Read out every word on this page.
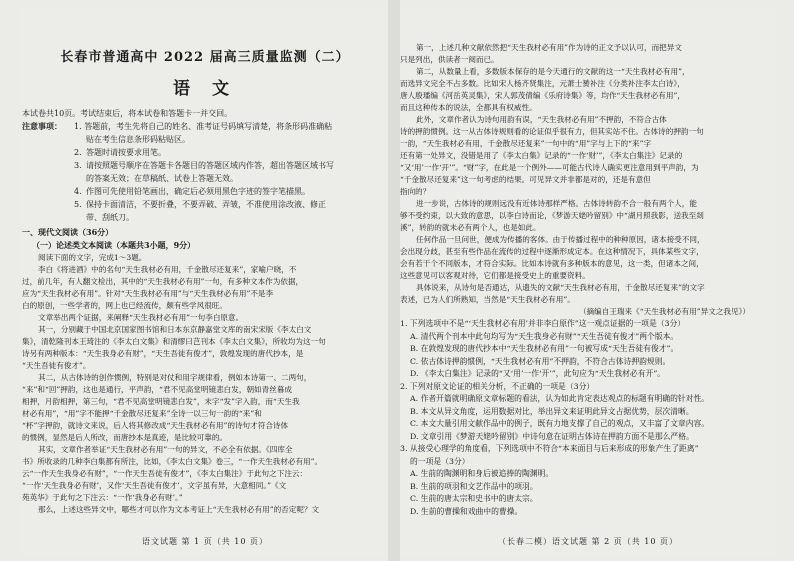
长春市普通高中 2022 届高三质量监测（二）
语 文
本试卷共10页。考试结束后，将本试卷和答题卡一并交回。
注意事项：	1. 答题前，考生先将自己的姓名、准考证号码填写清楚，将条形码准确粘
贴在考生信息条形码粘贴区。
2. 答题时请按要求用笔。
3. 请按照题号顺序在答题卡各题目的答题区域内作答，超出答题区域书写
的答案无效；在草稿纸、试卷上答题无效。
4. 作图可先使用铅笔画出，确定后必须用黑色字迹的签字笔描黑。
5. 保持卡面清洁，不要折叠，不要弄破、弄皱，不准使用涂改液、修正
带、刮纸刀。
一、现代文阅读（36分）
（一）论述类文本阅读（本题共3小题，9分）

阅读下面的文字，完成1～3题。

李白《将进酒》中的名句“天生我材必有用，千金散尽还复来”，家喻户晓，不

过，前几年，有人翻文检出，其中的“天生我材必有用”一句，有多种文本作为依据，

应为“天生我材必有用”。针对“天生我材必有用”与“天生我材必有用”不是李

白的原创，一些学者的，网上也已经流传，颇有些学风很旺。

文章举出两个证据，来阐释“天生我材必有用”一句李白原意。

其一，分别藏于中国北京国家图书馆和日本东京静嘉堂文库的南宋宋版《李太白文

集》，清乾隆刊本王琦注的《李太白文集》和清缪曰芑刊本《李太白文集》，所收均为这一句

诗另有两种版本：“天生我身必有财”，“天生吾徒有俊才”，敦煌发现的唐代抄本，是

“天生吾徒有俊才”。

其二，从古体诗的创作惯例，特别是对仗和用字规律看，例如本诗第一、二两句，

“来”和“回”押韵，这也是通行，平声韵，“君不见高堂明镜悲白发，朝如青丝暮成

相押，月韵相押，第三句，“君不见高堂明镜悲白发”，末字“发”字入韵，而“天生我

材必有用”，“用”字不能押“千金散尽还复来”全诗一以三句一韵的“来”和

“杯”字押韵，就诗文来说，后人将其修改成“天生我材必有用”的诗句才符合诗体

的惯例，显然是后人所改，而唐抄本是真迹，是比较可靠的。

其实，文章作者举证“天生我材必有用”一句的异文，不必全有依据。《四库全

书》所收录的几种李白集都有所注，比如，《李太白文集》卷三，“一作天生我材必有用”。

云“一作天生我身必有财”，“一作天生吾徒有俊才”，《李太白集注》于此句之下注云：

“一作‘天生我身必有财’，又作‘天生吾徒有俊才’，文字虽有异，大意相同。”《文

苑英华》于此句之下注云：“一作‘我身必有财’。”

那么，上述这些异文中，哪些才可以作为文本考证上“天生我材必有用”的否定呢？文

语文试题 第 1 页（共 10 页）

第一，上述几种文献依然把“天生我材必有用”作为诗的正文予以认可，而把异文

只是列出，供读者一阅而已。

第二，从数量上看，多数版本保存的是今天通行的文献的这一“天生我材必有用”，

而选异文完全不占多数。比如宋人杨齐贤集注，元萧士赟补注《分类补注李太白诗》，

唐人殷璠编《河岳英灵集》，宋人郭茂倩编《乐府诗集》等，均作“天生我材必有用”，

而且这种传本的说法，全都具有权威性。

此外，文章作者认为诗句用韵有误，“天生我材必有用”不押韵，不符合古体

诗的押韵惯例。这一从古体诗规则看的论证似乎很有力，但其实站不住。古体诗的押韵一句

一韵，“天生我材必有用，千金散尽还复来”一句中的“用”字与上下的“来”字

还有第一处异文，没错是用了《李太白集》记录的“一作‘财’”，《李太白集注》记录的

“又‘用’一作‘开’”。“财”字，在此是一个例外——可能古代诗人确实更注意用到平声韵，为

“千金散尽还复来”这一句考虑的结果。可见异文并非都是对的，还是有意但

指向的？

进一步说，古体诗的规则远没有近体诗那样严格。古体诗转韵不合一般有两个人，能

够不受约束，以大致的意思，以李白诗而论，《梦游天姥吟留别》中“湖月照我影，送我至剡

溪”，转韵的就未必有两个人，也是如此。

任何作品一旦问世，便成为传播的客体。由于传播过程中的种种原因，诸本接受不同，

会出现分歧，甚至有些作品在流传的过程中逐渐形成定本。在这种情况下，具体某些文字，

会有若干个不同版本，才符合实际。比如本诗就有多种版本的意见，这一类，但诸本之间，

这些意见可以客观对待，它们都是接受史上的重要资料。

具体说来，从诗句是否通达，从遗失的文献“天生我材必有用，千金散尽还复来”的文字

表述，已为人们所熟知，当然是“天生我材必有用”。

（摘编自王瑞来《“天生我材必有用”异文之我见》）
1. 下列选项中不是“‘天生我材必有用’并非李白原作”这一观点证据的一项是（3分）
A. 清代两个刊本中此句均写为“天生我身必有财”“天生吾徒有俊才”两个版本。
B. 在敦煌发现的唐代抄本中“天生我材必有用”一句被写成“天生吾徒有俊才”。
C. 依古体诗押韵惯例，“天生我材必有用”不押韵，不符合古体诗押韵规则。
D. 《李太白集注》记录的“又‘用’一作‘开’”，此句应为“天生我材必有开”。
2. 下列对原文论证的相关分析，不正确的一项是（3分）
A. 作者开篇就明确原文章标题的看法，认为如此肯定表达观点的标题有明确的针对性。
B. 本文从异文角度，运用数据对比，举出异文来证明此异文占据优势，层次清晰。
C. 本文大量引用文献作品中的例子，既有力地支撑了自己的观点，又丰富了文章内容。
D. 文章引用《梦游天姥吟留别》中诗句意在证明古体诗在押韵方面不是那么严格。
3. 从接受心理学的角度看，下列选项中不符合“本来面目与后来形成的形象产生了距离”
的一项是（3分）
A. 生前的陶渊明和身后被追捧的陶渊明。
B. 生前的项羽和文艺作品中的项羽。
C. 生前的唐太宗和史书中的唐太宗。
D. 生前的曹操和戏曲中的曹操。
（长春二模）语文试题 第 2 页（共 10 页）
